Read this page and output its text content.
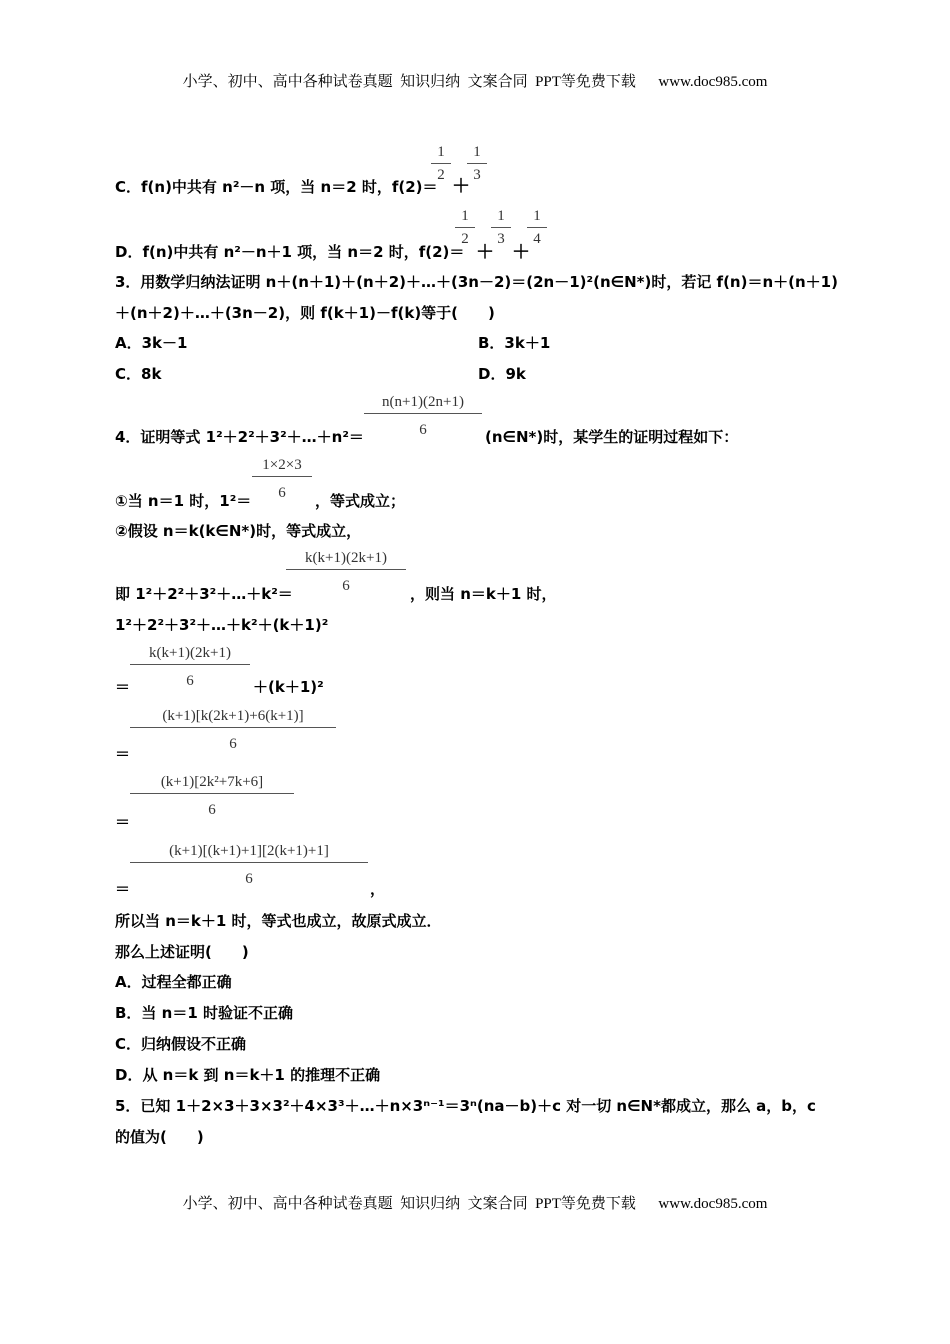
小学、初中、高中各种试卷真题  知识归纳  文案合同  PPT等免费下载      www.doc985.com
C．f(n)中共有 n²－n 项，当 n＝2 时，f(2)＝
$\frac{1}{2}$
＋
$\frac{1}{3}$
D．f(n)中共有 n²－n＋1 项，当 n＝2 时，f(2)＝
$\frac{1}{2}$
＋
$\frac{1}{3}$
＋
$\frac{1}{4}$
3．用数学归纳法证明 n＋(n＋1)＋(n＋2)＋…＋(3n－2)＝(2n－1)²(n∈N*)时，若记 f(n)＝n＋(n＋1)
＋(n＋2)＋…＋(3n－2)，则 f(k＋1)－f(k)等于(　　)
A．3k－1	B．3k＋1
C．8k	D．9k
4．证明等式 1²＋2²＋3²＋…＋n²＝ $\frac{n(n+1)(2n+1)}{6}$ (n∈N*)时，某学生的证明过程如下：
①当 n＝1 时，$1^2= \frac{1\times 2\times 3}{6}$ ，等式成立；
②假设 n＝k(k∈N*)时，等式成立，
即 1²＋2²＋3²＋…＋k²＝
$\frac{k(k+1)(2k+1)}{6}$ ，则当 n＝k＋1 时，
1²＋2²＋3²＋…＋k²＋(k＋1)²
＝ $\frac{k(k+1)(2k+1)}{6} +(k+1)^2$
＝
$\frac{(k+1)[k(2k+1)+6(k+1)]}{6}$
＝
$\frac{\text{(k+1)[2k²+7k+6]}}{6}$
＝
$\frac{(k+1)[(k+1)+1][2(k+1)+1]}{6}$
，
所以当 n＝k＋1 时，等式也成立，故原式成立．
那么上述证明(　　)
A．过程全都正确
B．当 n＝1 时验证不正确
C．归纳假设不正确
D．从 n＝k 到 n＝k＋1 的推理不正确
5．已知 1＋2×3＋3×3²＋4×3³＋…＋n×3ⁿ⁻¹＝3ⁿ(na－b)＋c 对一切 n∈N*都成立，那么 a，b，c
的值为(　　)
小学、初中、高中各种试卷真题  知识归纳  文案合同  PPT等免费下载      www.doc985.com
